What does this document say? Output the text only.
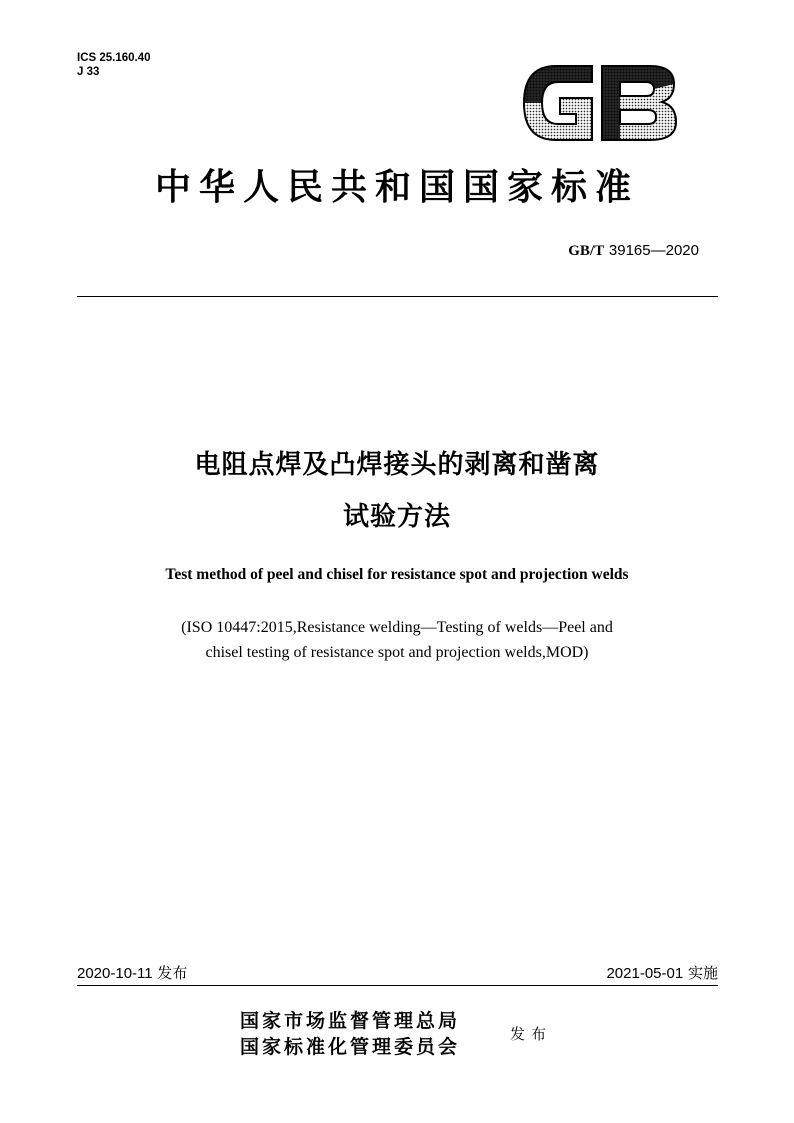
ICS 25.160.40
J 33
中华人民共和国国家标准
GB/T 39165—2020
电阻点焊及凸焊接头的剥离和凿离
试验方法
Test method of peel and chisel for resistance spot and projection welds
(ISO 10447:2015,Resistance welding—Testing of welds—Peel and
chisel testing of resistance spot and projection welds,MOD)
2020-10-11 发布	2021-05-01 实施
国家市场监督管理总局
国家标准化管理委员会
发布
